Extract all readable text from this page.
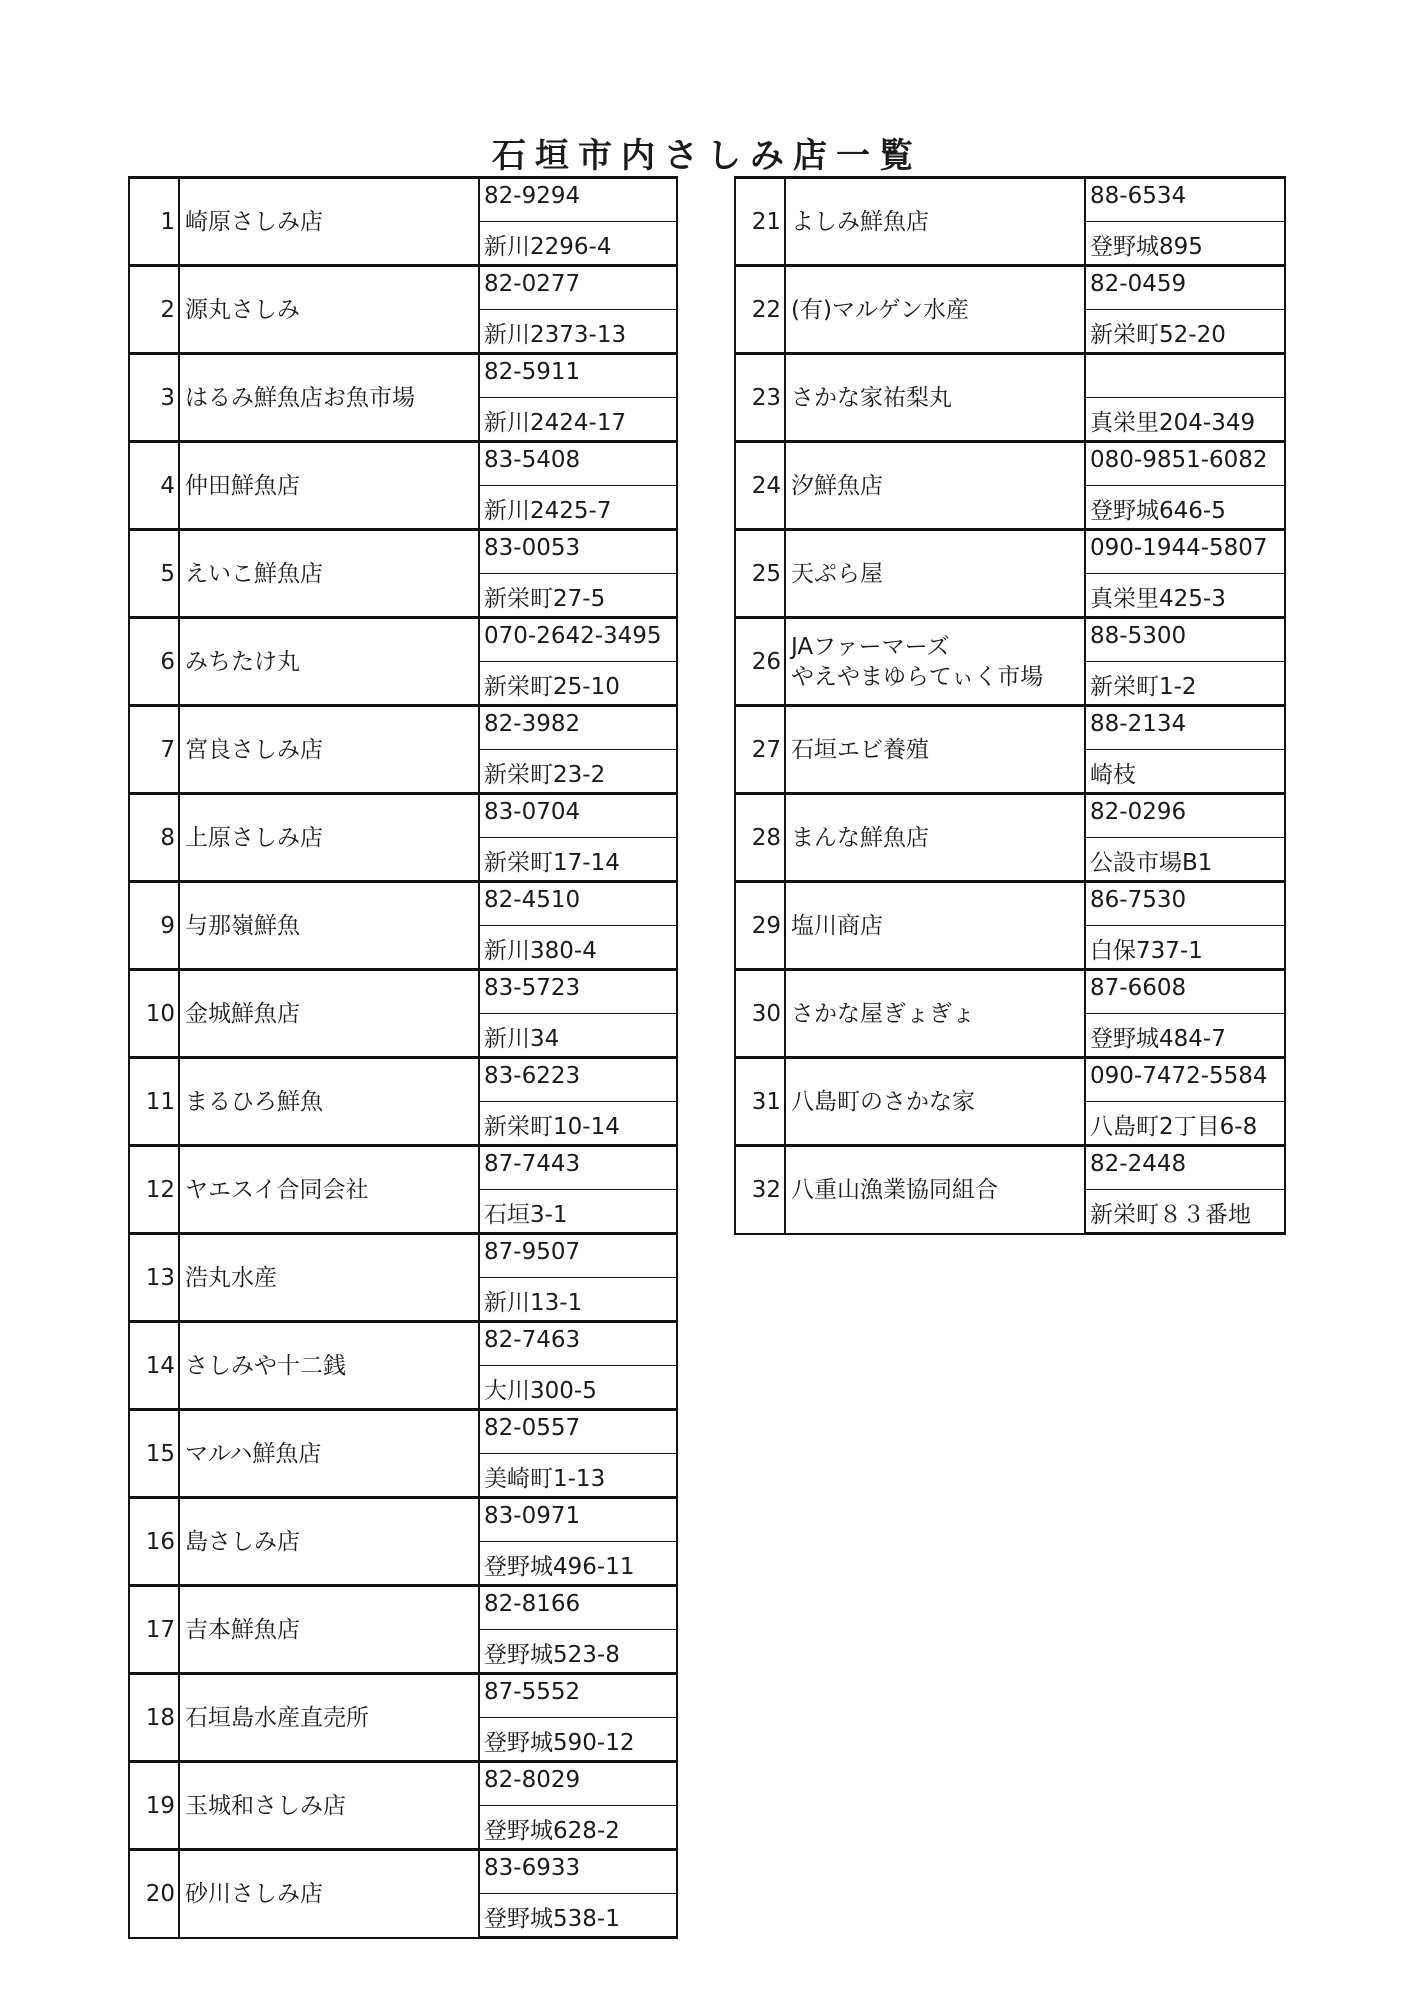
石垣市内さしみ店一覧
1	崎原さしみ店	82-9294
		新川2296-4
2	源丸さしみ	82-0277
		新川2373-13
3	はるみ鮮魚店お魚市場	82-5911
		新川2424-17
4	仲田鮮魚店	83-5408
		新川2425-7
5	えいこ鮮魚店	83-0053
		新栄町27-5
6	みちたけ丸	070-2642-3495
		新栄町25-10
7	宮良さしみ店	82-3982
		新栄町23-2
8	上原さしみ店	83-0704
		新栄町17-14
9	与那嶺鮮魚	82-4510
		新川380-4
10	金城鮮魚店	83-5723
		新川34
11	まるひろ鮮魚	83-6223
		新栄町10-14
12	ヤエスイ合同会社	87-7443
		石垣3-1
13	浩丸水産	87-9507
		新川13-1
14	さしみや十二銭	82-7463
		大川300-5
15	マルハ鮮魚店	82-0557
		美崎町1-13
16	島さしみ店	83-0971
		登野城496-11
17	吉本鮮魚店	82-8166
		登野城523-8
18	石垣島水産直売所	87-5552
		登野城590-12
19	玉城和さしみ店	82-8029
		登野城628-2
20	砂川さしみ店	83-6933
		登野城538-1
21	よしみ鮮魚店	88-6534
		登野城895
22	(有)マルゲン水産	82-0459
		新栄町52-20
23	さかな家祐梨丸	

		真栄里204-349
24	汐鮮魚店	080-9851-6082
		登野城646-5
25	天ぷら屋	090-1944-5807
		真栄里425-3
26	JAファーマーズ
やえやまゆらてぃく市場	88-5300
		新栄町1-2
27	石垣エビ養殖	88-2134
		崎枝
28	まんな鮮魚店	82-0296
		公設市場B1
29	塩川商店	86-7530
		白保737-1
30	さかな屋ぎょぎょ	87-6608
		登野城484-7
31	八島町のさかな家	090-7472-5584
		八島町2丁目6-8
32	八重山漁業協同組合	82-2448
		新栄町８３番地
